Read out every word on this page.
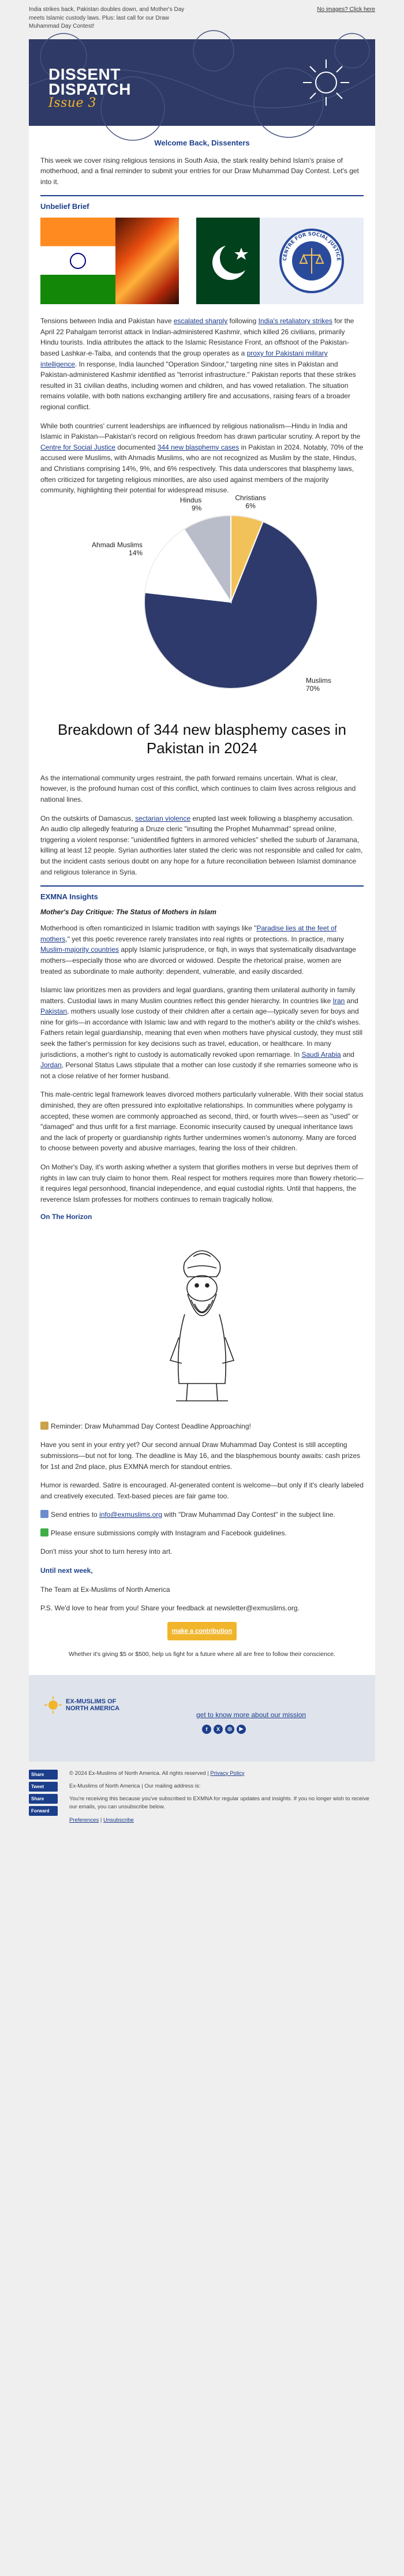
India strikes back, Pakistan doubles down, and Mother's Day meets Islamic custody laws. Plus: last call for our Draw Muhammad Day Contest!
No images? Click here
DISSENT
DISPATCH
Issue 3
Welcome Back, Dissenters

This week we cover rising religious tensions in South Asia, the stark reality behind Islam's praise of motherhood, and a final reminder to submit your entries for our Draw Muhammad Day Contest. Let's get into it.

Unbelief Brief
CENTRE FOR SOCIAL JUSTICE

Tensions between India and Pakistan have escalated sharply following India's retaliatory strikes for the April 22 Pahalgam terrorist attack in Indian-administered Kashmir, which killed 26 civilians, primarily Hindu tourists. India attributes the attack to the Islamic Resistance Front, an offshoot of the Pakistan-based Lashkar-e-Taiba, and contends that the group operates as a proxy for Pakistani military intelligence. In response, India launched "Operation Sindoor," targeting nine sites in Pakistan and Pakistan-administered Kashmir identified as "terrorist infrastructure." Pakistan reports that these strikes resulted in 31 civilian deaths, including women and children, and has vowed retaliation. The situation remains volatile, with both nations exchanging artillery fire and accusations, raising fears of a broader regional conflict.

While both countries' current leaderships are influenced by religious nationalism—Hindu in India and Islamic in Pakistan—Pakistan's record on religious freedom has drawn particular scrutiny. A report by the Centre for Social Justice documented 344 new blasphemy cases in Pakistan in 2024. Notably, 70% of the accused were Muslims, with Ahmadis Muslims, who are not recognized as Muslim by the state, Hindus, and Christians comprising 14%, 9%, and 6% respectively. This data underscores that blasphemy laws, often criticized for targeting religious minorities, are also used against members of the majority community, highlighting their potential for widespread misuse.

Christians
6%
Muslims
70%
Ahmadi Muslims
14%
Hindus
9%
Breakdown of 344 new blasphemy cases in Pakistan in 2024

As the international community urges restraint, the path forward remains uncertain. What is clear, however, is the profound human cost of this conflict, which continues to claim lives across religious and national lines.

On the outskirts of Damascus, sectarian violence erupted last week following a blasphemy accusation. An audio clip allegedly featuring a Druze cleric "insulting the Prophet Muhammad" spread online, triggering a violent response: "unidentified fighters in armored vehicles" shelled the suburb of Jaramana, killing at least 12 people. Syrian authorities later stated the cleric was not responsible and called for calm, but the incident casts serious doubt on any hope for a future reconciliation between Islamist dominance and religious tolerance in Syria.

EXMNA Insights
Mother's Day Critique: The Status of Mothers in Islam

Motherhood is often romanticized in Islamic tradition with sayings like "Paradise lies at the feet of mothers," yet this poetic reverence rarely translates into real rights or protections. In practice, many Muslim-majority countries apply Islamic jurisprudence, or fiqh, in ways that systematically disadvantage mothers—especially those who are divorced or widowed. Despite the rhetorical praise, women are treated as subordinate to male authority: dependent, vulnerable, and easily discarded.

Islamic law prioritizes men as providers and legal guardians, granting them unilateral authority in family matters. Custodial laws in many Muslim countries reflect this gender hierarchy. In countries like Iran and Pakistan, mothers usually lose custody of their children after a certain age—typically seven for boys and nine for girls—in accordance with Islamic law and with regard to the mother's ability or the child's wishes. Fathers retain legal guardianship, meaning that even when mothers have physical custody, they must still seek the father's permission for key decisions such as travel, education, or healthcare. In many jurisdictions, a mother's right to custody is automatically revoked upon remarriage. In Saudi Arabia and Jordan, Personal Status Laws stipulate that a mother can lose custody if she remarries someone who is not a close relative of her former husband.

This male-centric legal framework leaves divorced mothers particularly vulnerable. With their social status diminished, they are often pressured into exploitative relationships. In communities where polygamy is accepted, these women are commonly approached as second, third, or fourth wives—seen as "used" or "damaged" and thus unfit for a first marriage. Economic insecurity caused by unequal inheritance laws and the lack of property or guardianship rights further undermines women's autonomy. Many are forced to choose between poverty and abusive marriages, fearing the loss of their children.

On Mother's Day, it's worth asking whether a system that glorifies mothers in verse but deprives them of rights in law can truly claim to honor them. Real respect for mothers requires more than flowery rhetoric—it requires legal personhood, financial independence, and equal custodial rights. Until that happens, the reverence Islam professes for mothers continues to remain tragically hollow.

On The Horizon

Reminder: Draw Muhammad Day Contest Deadline Approaching!

Have you sent in your entry yet? Our second annual Draw Muhammad Day Contest is still accepting submissions—but not for long. The deadline is May 16, and the blasphemous bounty awaits: cash prizes for 1st and 2nd place, plus EXMNA merch for standout entries.

Humor is rewarded. Satire is encouraged. AI-generated content is welcome—but only if it's clearly labeled and creatively executed. Text-based pieces are fair game too.

Send entries to info@exmuslims.org with "Draw Muhammad Day Contest" in the subject line.

Please ensure submissions comply with Instagram and Facebook guidelines.

Don't miss your shot to turn heresy into art.

Until next week,

The Team at Ex-Muslims of North America

P.S. We'd love to hear from you! Share your feedback at newsletter@exmuslims.org.

make a contribution
Whether it's giving $5 or $500, help us fight for a future where all are free to follow their conscience.
EX-MUSLIMS OF NORTH AMERICA
get to know more about our mission
f	X	◎	▶
Share
Tweet
Share
Forward

© 2024 Ex-Muslims of North America. All rights reserved | Privacy Policy

Ex-Muslims of North America | Our mailing address is:

You're receiving this because you've subscribed to EXMNA for regular updates and insights. If you no longer wish to receive our emails, you can unsubscribe below.

Preferences | Unsubscribe
